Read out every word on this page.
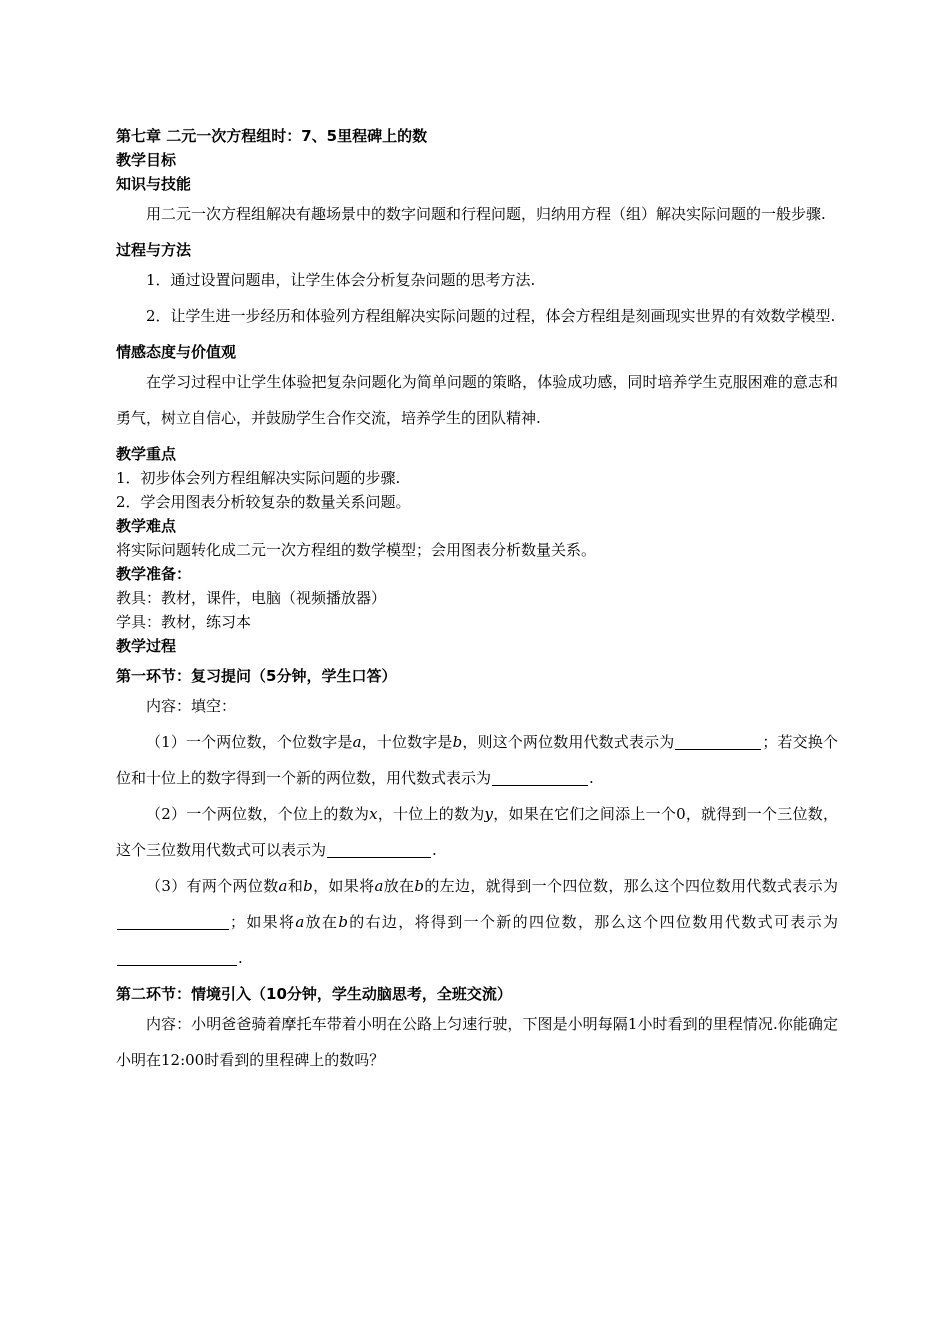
第七章 二元一次方程组时：7、5里程碑上的数

教学目标

知识与技能

用二元一次方程组解决有趣场景中的数字问题和行程问题，归纳用方程（组）解决实际问题的一般步骤.

过程与方法

1．通过设置问题串，让学生体会分析复杂问题的思考方法.

2．让学生进一步经历和体验列方程组解决实际问题的过程，体会方程组是刻画现实世界的有效数学模型.

情感态度与价值观

在学习过程中让学生体验把复杂问题化为简单问题的策略，体验成功感，同时培养学生克服困难的意志和勇气，树立自信心，并鼓励学生合作交流，培养学生的团队精神.

教学重点

1．初步体会列方程组解决实际问题的步骤.

2．学会用图表分析较复杂的数量关系问题。

教学难点

将实际问题转化成二元一次方程组的数学模型；会用图表分析数量关系。

教学准备：

教具：教材，课件，电脑（视频播放器）

学具：教材，练习本

教学过程

第一环节：复习提问（5分钟，学生口答）

内容：填空：

（1）一个两位数，个位数字是a，十位数字是b，则这个两位数用代数式表示为	；若交换个位和十位上的数字得到一个新的两位数，用代数式表示为	.

（2）一个两位数，个位上的数为x，十位上的数为y，如果在它们之间添上一个0，就得到一个三位数，这个三位数用代数式可以表示为	.

（3）有两个两位数a和b，如果将a放在b的左边，就得到一个四位数，那么这个四位数用代数式表示为；如果将a放在b的右边，将得到一个新的四位数，那么这个四位数用代数式可表示为.

第二环节：情境引入（10分钟，学生动脑思考，全班交流）

内容：小明爸爸骑着摩托车带着小明在公路上匀速行驶，下图是小明每隔1小时看到的里程情况.你能确定小明在12:00时看到的里程碑上的数吗？
